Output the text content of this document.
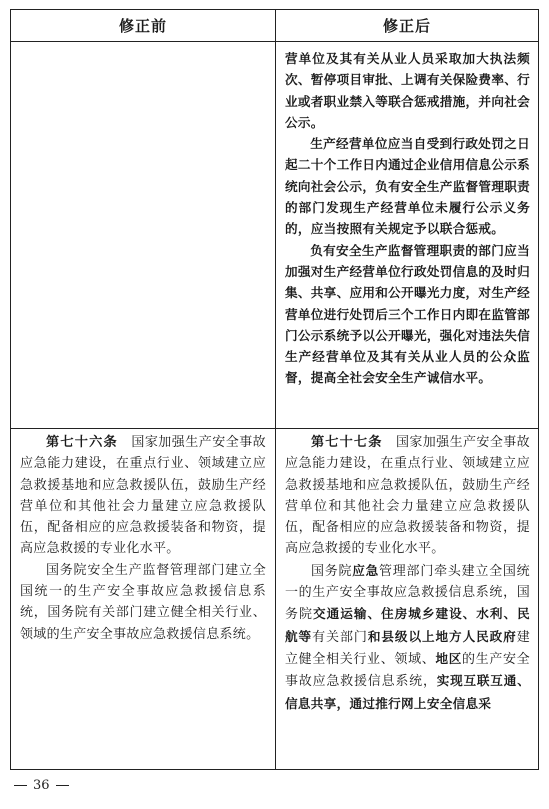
修正前	修正后

营单位及其有关从业人员采取加大执法频次、暂停项目审批、上调有关保险费率、行业或者职业禁入等联合惩戒措施，并向社会公示。

生产经营单位应当自受到行政处罚之日起二十个工作日内通过企业信用信息公示系统向社会公示，负有安全生产监督管理职责的部门发现生产经营单位未履行公示义务的，应当按照有关规定予以联合惩戒。

负有安全生产监督管理职责的部门应当加强对生产经营单位行政处罚信息的及时归集、共享、应用和公开曝光力度，对生产经营单位进行处罚后三个工作日内即在监管部门公示系统予以公开曝光，强化对违法失信生产经营单位及其有关从业人员的公众监督，提高全社会安全生产诚信水平。

第七十六条　 国家加强生产安全事故应急能力建设，在重点行业、领域建立应急救援基地和应急救援队伍，鼓励生产经营单位和其他社会力量建立应急救援队伍，配备相应的应急救援装备和物资，提高应急救援的专业化水平。

国务院安全生产监督管理部门建立全国统一的生产安全事故应急救援信息系统，国务院有关部门建立健全相关行业、领域的生产安全事故应急救援信息系统。

第七十七条　 国家加强生产安全事故应急能力建设，在重点行业、领域建立应急救援基地和应急救援队伍，鼓励生产经营单位和其他社会力量建立应急救援队伍，配备相应的应急救援装备和物资，提高应急救援的专业化水平。

国务院应急管理部门牵头建立全国统一的生产安全事故应急救援信息系统，国务院交通运输、住房城乡建设、水利、民航等有关部门和县级以上地方人民政府建立健全相关行业、领域、地区的生产安全事故应急救援信息系统，实现互联互通、信息共享，通过推行网上安全信息采

36
